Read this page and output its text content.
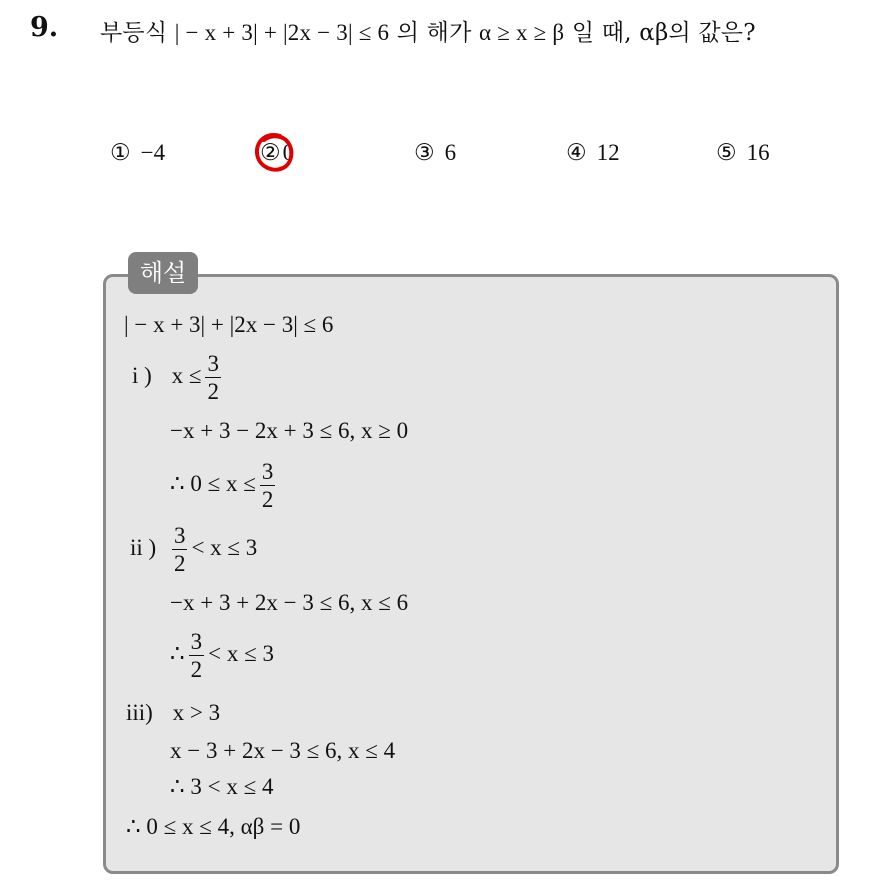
9. 부등식 | − x + 3| + |2x − 3| ≤ 6 의 해가 α ≥ x ≥ β 일 때, αβ의 값은?
① −4	②0	③ 6	④ 12	⑤ 16
해설
| − x + 3| + |2x − 3| ≤ 6
i ) $x \le \frac{3}{2}$
−x + 3 − 2x + 3 ≤ 6, x ≥ 0
∴ $0 \le x \le \frac{3}{2}$
ii ) $\frac{3}{2} < x \le 3$
−x + 3 + 2x − 3 ≤ 6, x ≤ 6
∴ $\frac{3}{2} < x \le 3$
iii) x > 3
x − 3 + 2x − 3 ≤ 6, x ≤ 4
∴ 3 < x ≤ 4
∴ 0 ≤ x ≤ 4, αβ = 0
